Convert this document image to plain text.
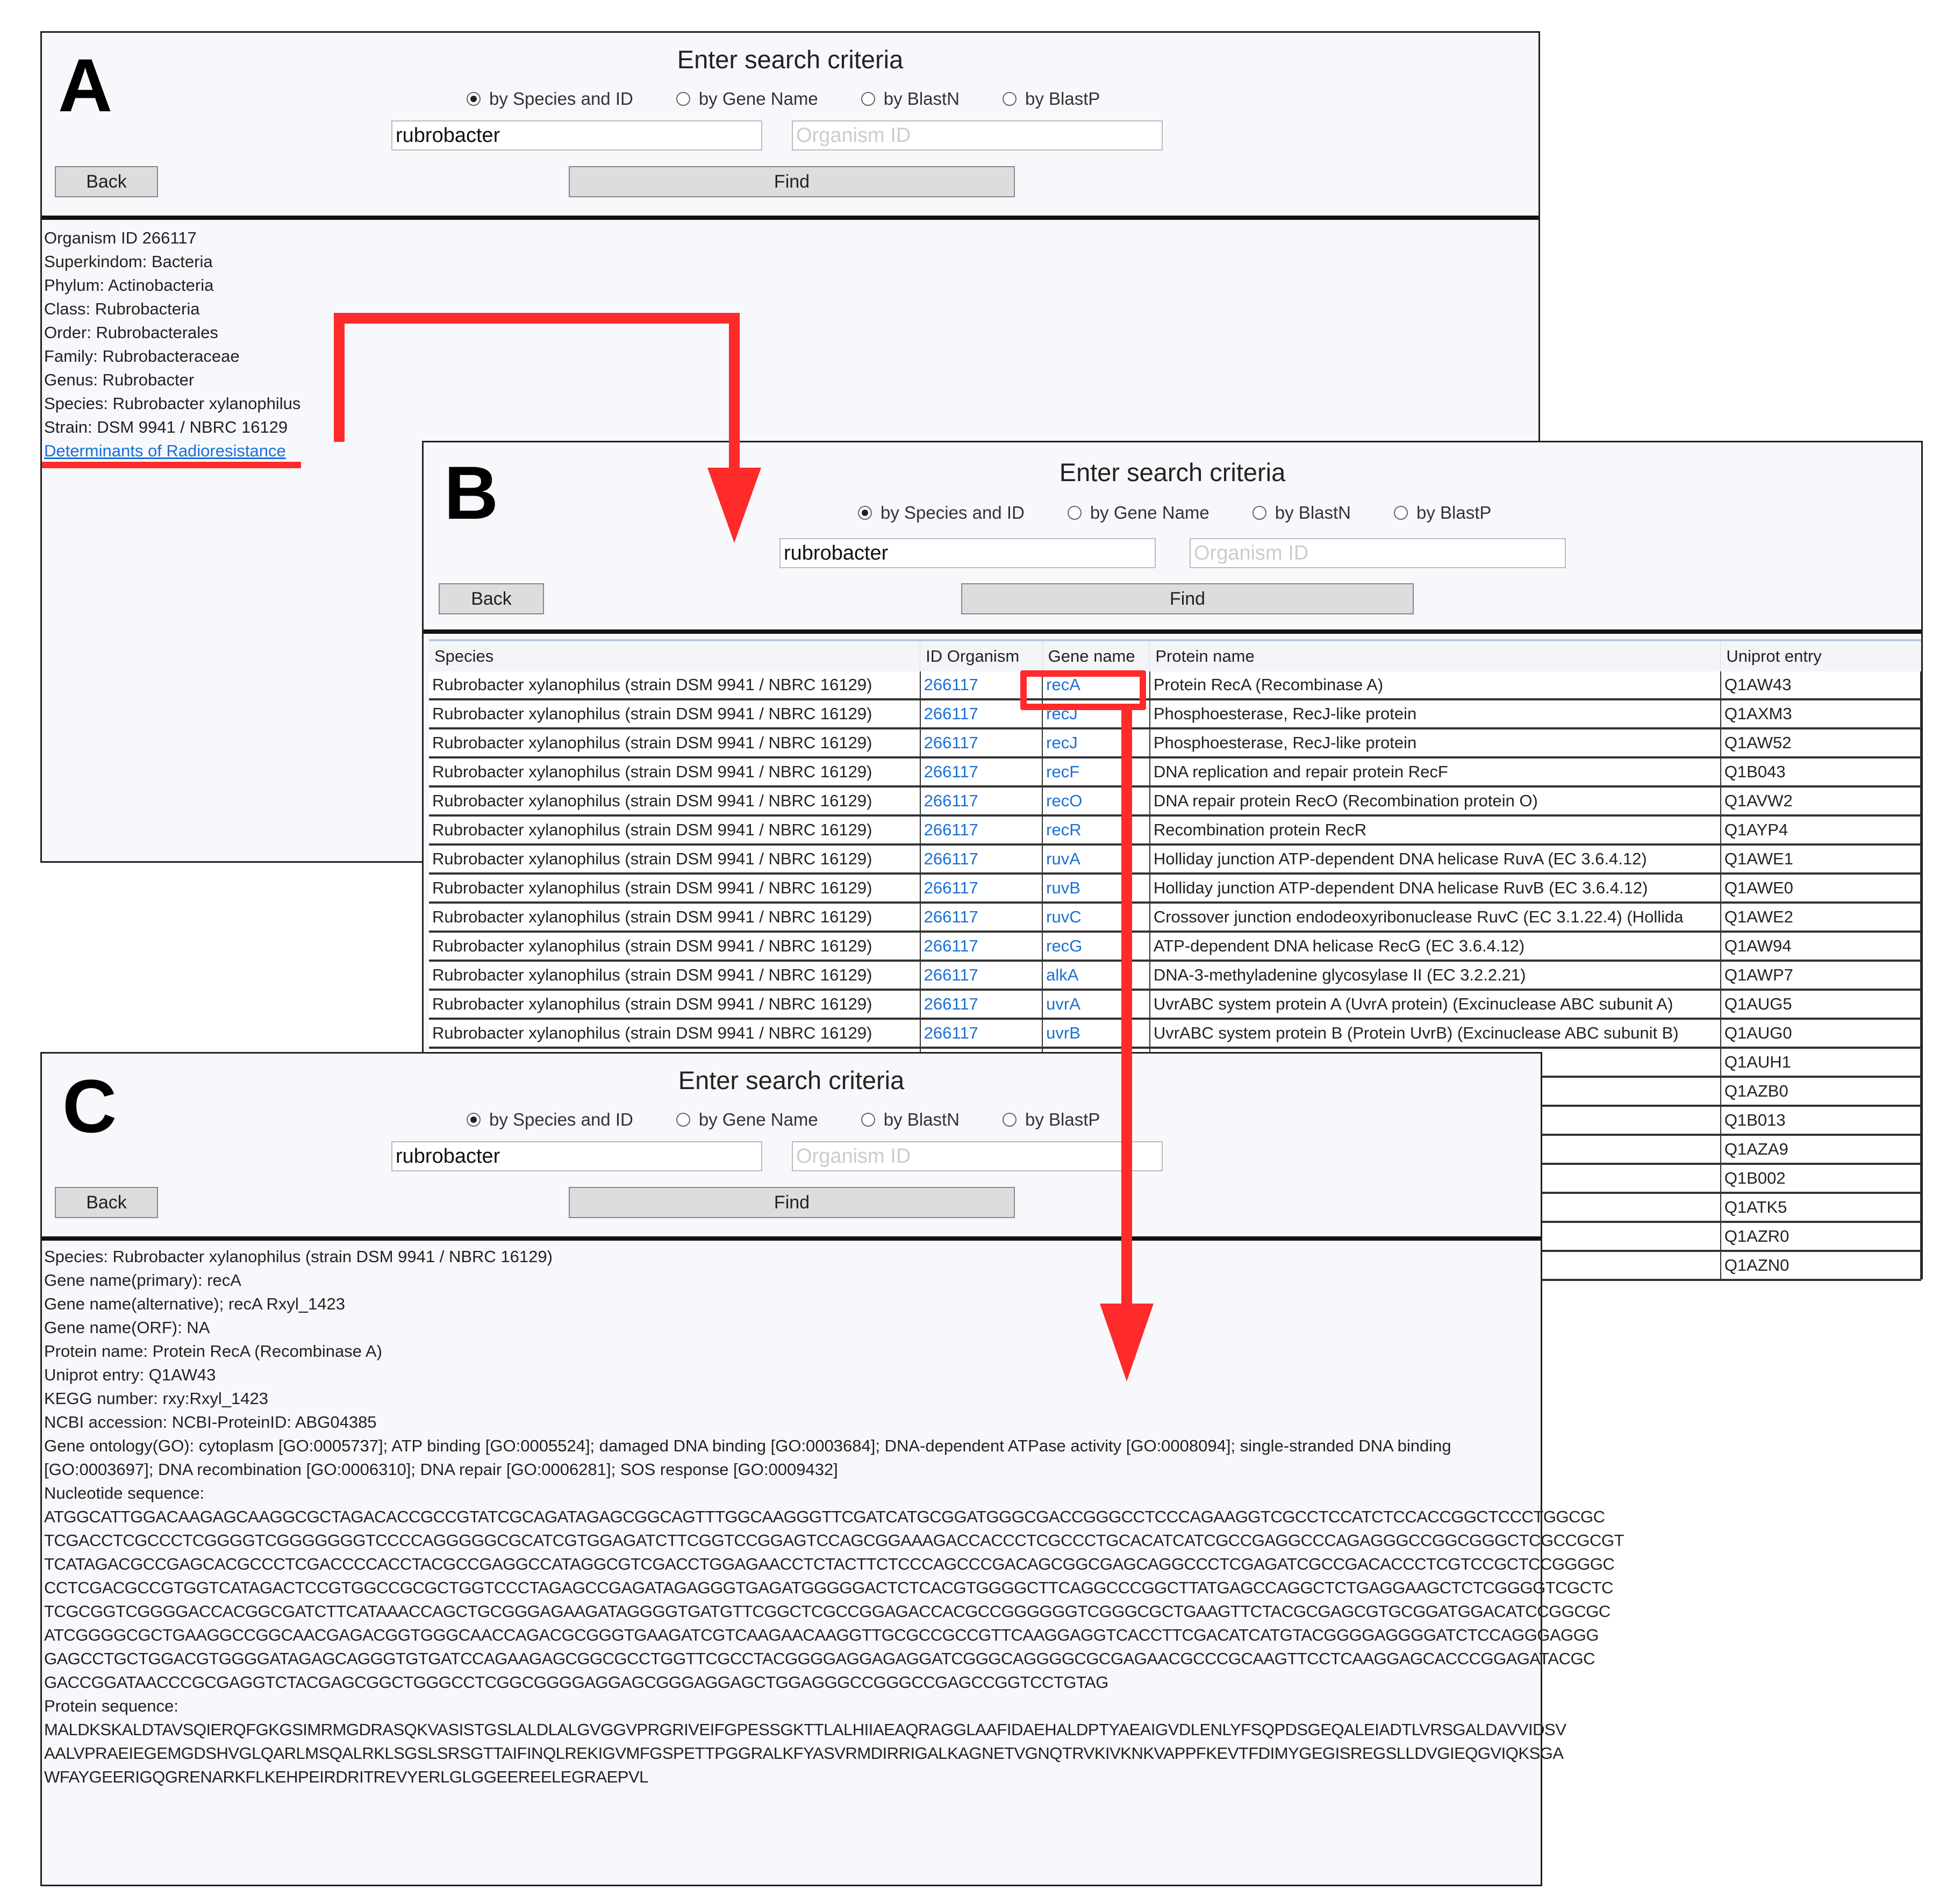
A	Enter search criteria
by Species and ID	by Gene Name	by BlastN	by BlastP
rubrobacter	Organism ID
Back	Find
Organism ID 266117
Superkindom: Bacteria
Phylum: Actinobacteria
Class: Rubrobacteria
Order: Rubrobacterales
Family: Rubrobacteraceae
Genus: Rubrobacter
Species: Rubrobacter xylanophilus
Strain: DSM 9941 / NBRC 16129
Determinants of Radioresistance B	Enter search criteria
by Species and ID	by Gene Name	by BlastN	by BlastP
rubrobacter	Organism ID
Back	Find
Species	ID Organism	Gene name	Protein name	Uniprot entry
Rubrobacter xylanophilus (strain DSM 9941 / NBRC 16129)	266117	recA	Protein RecA (Recombinase A)	Q1AW43
Rubrobacter xylanophilus (strain DSM 9941 / NBRC 16129)	266117	recJ	Phosphoesterase, RecJ-like protein	Q1AXM3
Rubrobacter xylanophilus (strain DSM 9941 / NBRC 16129)	266117	recJ	Phosphoesterase, RecJ-like protein	Q1AW52
Rubrobacter xylanophilus (strain DSM 9941 / NBRC 16129)	266117	recF	DNA replication and repair protein RecF	Q1B043
Rubrobacter xylanophilus (strain DSM 9941 / NBRC 16129)	266117	recO	DNA repair protein RecO (Recombination protein O)	Q1AVW2
Rubrobacter xylanophilus (strain DSM 9941 / NBRC 16129)	266117	recR	Recombination protein RecR	Q1AYP4
Rubrobacter xylanophilus (strain DSM 9941 / NBRC 16129)	266117	ruvA	Holliday junction ATP-dependent DNA helicase RuvA (EC 3.6.4.12)	Q1AWE1
Rubrobacter xylanophilus (strain DSM 9941 / NBRC 16129)	266117	ruvB	Holliday junction ATP-dependent DNA helicase RuvB (EC 3.6.4.12)	Q1AWE0
Rubrobacter xylanophilus (strain DSM 9941 / NBRC 16129)	266117	ruvC	Crossover junction endodeoxyribonuclease RuvC (EC 3.1.22.4) (Hollida	Q1AWE2
Rubrobacter xylanophilus (strain DSM 9941 / NBRC 16129)	266117	recG	ATP-dependent DNA helicase RecG (EC 3.6.4.12)	Q1AW94
Rubrobacter xylanophilus (strain DSM 9941 / NBRC 16129)	266117	alkA	DNA-3-methyladenine glycosylase II (EC 3.2.2.21)	Q1AWP7
Rubrobacter xylanophilus (strain DSM 9941 / NBRC 16129)	266117	uvrA	UvrABC system protein A (UvrA protein) (Excinuclease ABC subunit A)	Q1AUG5
Rubrobacter xylanophilus (strain DSM 9941 / NBRC 16129)	266117	uvrB	UvrABC system protein B (Protein UvrB) (Excinuclease ABC subunit B)	Q1AUG0
				Q1AUH1
				Q1AZB0
				Q1B013
				Q1AZA9
				Q1B002
				Q1ATK5
				Q1AZR0
				Q1AZN0
C	Enter search criteria
by Species and ID	by Gene Name	by BlastN	by BlastP
rubrobacter	Organism ID
Back	Find
Species: Rubrobacter xylanophilus (strain DSM 9941 / NBRC 16129)
Gene name(primary): recA
Gene name(alternative); recA Rxyl_1423
Gene name(ORF): NA
Protein name: Protein RecA (Recombinase A)
Uniprot entry: Q1AW43
KEGG number: rxy:Rxyl_1423
NCBI accession: NCBI-ProteinID: ABG04385
Gene ontology(GO): cytoplasm [GO:0005737]; ATP binding [GO:0005524]; damaged DNA binding [GO:0003684]; DNA-dependent ATPase activity [GO:0008094]; single-stranded DNA binding
[GO:0003697]; DNA recombination [GO:0006310]; DNA repair [GO:0006281]; SOS response [GO:0009432]
Nucleotide sequence:
ATGGCATTGGACAAGAGCAAGGCGCTAGACACCGCCGTATCGCAGATAGAGCGGCAGTTTGGCAAGGGTTCGATCATGCGGATGGGCGACCGGGCCTCCCAGAAGGTCGCCTCCATCTCCACCGGCTCCCTGGCGC
TCGACCTCGCCCTCGGGGTCGGGGGGGTCCCCAGGGGGCGCATCGTGGAGATCTTCGGTCCGGAGTCCAGCGGAAAGACCACCCTCGCCCTGCACATCATCGCCGAGGCCCAGAGGGCCGGCGGGCTCGCCGCGT
TCATAGACGCCGAGCACGCCCTCGACCCCACCTACGCCGAGGCCATAGGCGTCGACCTGGAGAACCTCTACTTCTCCCAGCCCGACAGCGGCGAGCAGGCCCTCGAGATCGCCGACACCCTCGTCCGCTCCGGGGC
CCTCGACGCCGTGGTCATAGACTCCGTGGCCGCGCTGGTCCCTAGAGCCGAGATAGAGGGTGAGATGGGGGACTCTCACGTGGGGCTTCAGGCCCGGCTTATGAGCCAGGCTCTGAGGAAGCTCTCGGGGTCGCTC
TCGCGGTCGGGGACCACGGCGATCTTCATAAACCAGCTGCGGGAGAAGATAGGGGTGATGTTCGGCTCGCCGGAGACCACGCCGGGGGGTCGGGCGCTGAAGTTCTACGCGAGCGTGCGGATGGACATCCGGCGC
ATCGGGGCGCTGAAGGCCGGCAACGAGACGGTGGGCAACCAGACGCGGGTGAAGATCGTCAAGAACAAGGTTGCGCCGCCGTTCAAGGAGGTCACCTTCGACATCATGTACGGGGAGGGGATCTCCAGGGAGGG
GAGCCTGCTGGACGTGGGGATAGAGCAGGGTGTGATCCAGAAGAGCGGCGCCTGGTTCGCCTACGGGGAGGAGAGGATCGGGCAGGGGCGCGAGAACGCCCGCAAGTTCCTCAAGGAGCACCCGGAGATACGC
GACCGGATAACCCGCGAGGTCTACGAGCGGCTGGGCCTCGGCGGGGAGGAGCGGGAGGAGCTGGAGGGCCGGGCCGAGCCGGTCCTGTAG
Protein sequence:
MALDKSKALDTAVSQIERQFGKGSIMRMGDRASQKVASISTGSLALDLALGVGGVPRGRIVEIFGPESSGKTTLALHIIAEAQRAGGLAAFIDAEHALDPTYAEAIGVDLENLYFSQPDSGEQALEIADTLVRSGALDAVVIDSV
AALVPRAEIEGEMGDSHVGLQARLMSQALRKLSGSLSRSGTTAIFINQLREKIGVMFGSPETTPGGRALKFYASVRMDIRRIGALKAGNETVGNQTRVKIVKNKVAPPFKEVTFDIMYGEGISREGSLLDVGIEQGVIQKSGA
WFAYGEERIGQGRENARKFLKEHPEIRDRITREVYERLGLGGEEREELEGRAEPVL
